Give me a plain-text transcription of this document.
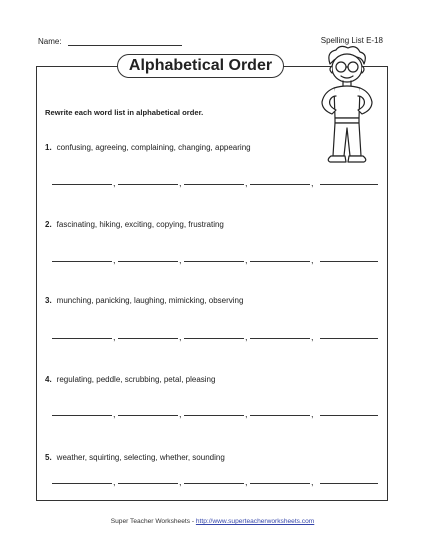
Name:	Spelling List E-18
Alphabetical Order
Rewrite each word list in alphabetical order.
1. confusing, agreeing, complaining, changing, appearing
,	,	,	,
2. fascinating, hiking, exciting, copying, frustrating
,	,	,	,
3. munching, panicking, laughing, mimicking, observing
,	,	,	,
4. regulating, peddle, scrubbing, petal, pleasing
,	,	,	,
5. weather, squirting, selecting, whether, sounding
,	,	,	,
Super Teacher Worksheets - http://www.superteacherworksheets.com
